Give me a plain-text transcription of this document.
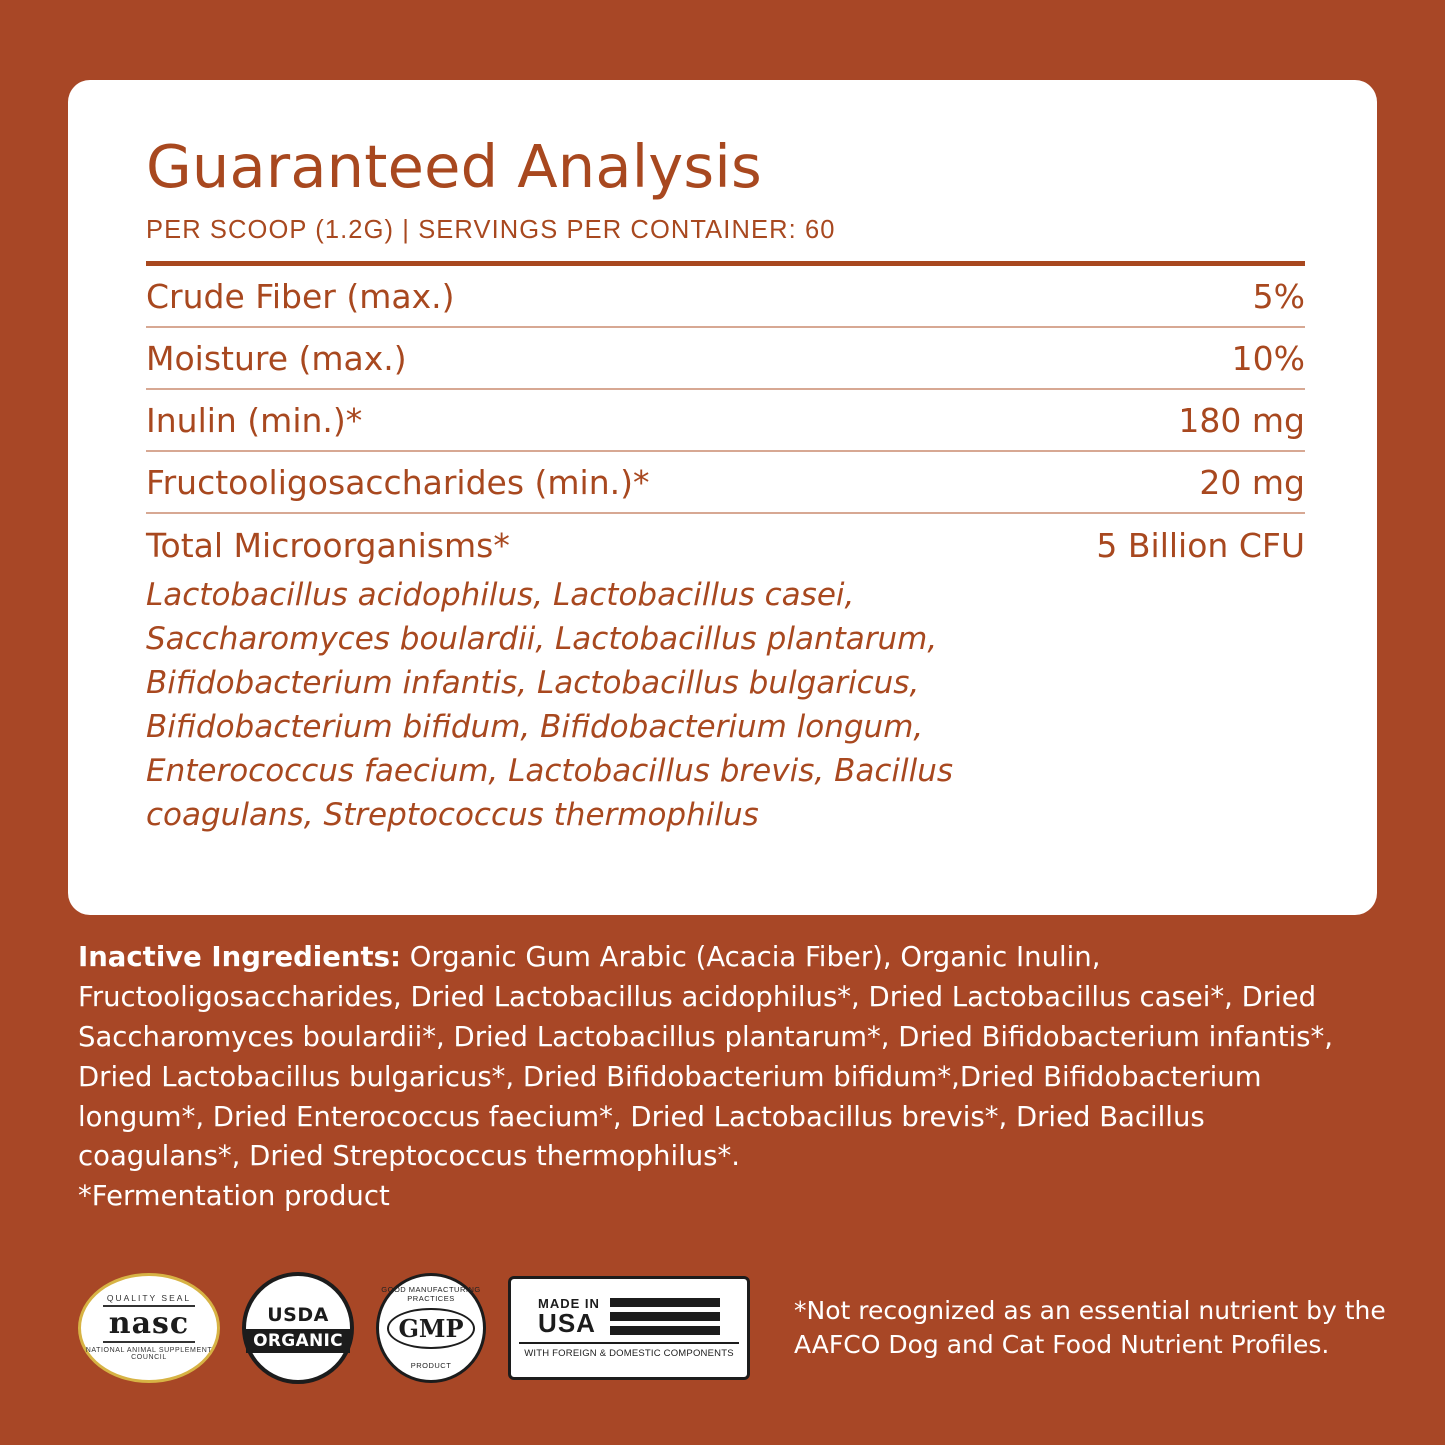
Guaranteed Analysis
PER SCOOP (1.2G) | SERVINGS PER CONTAINER: 60
Crude Fiber (max.)	5%
Moisture (max.)	10%
Inulin (min.)*	180 mg
Fructooligosaccharides (min.)*	20 mg
Total Microorganisms*	5 Billion CFU
Lactobacillus acidophilus, Lactobacillus casei, Saccharomyces boulardii, Lactobacillus plantarum, Bifidobacterium infantis, Lactobacillus bulgaricus, Bifidobacterium bifidum, Bifidobacterium longum, Enterococcus faecium, Lactobacillus brevis, Bacillus coagulans, Streptococcus thermophilus
Inactive Ingredients: Organic Gum Arabic (Acacia Fiber), Organic Inulin, Fructooligosaccharides, Dried Lactobacillus acidophilus*, Dried Lactobacillus casei*, Dried Saccharomyces boulardii*, Dried Lactobacillus plantarum*, Dried Bifidobacterium infantis*, Dried Lactobacillus bulgaricus*, Dried Bifidobacterium bifidum*,Dried Bifidobacterium longum*, Dried Enterococcus faecium*, Dried Lactobacillus brevis*, Dried Bacillus coagulans*, Dried Streptococcus thermophilus*.
*Fermentation product
QUALITY SEAL
nasc
NATIONAL ANIMAL SUPPLEMENT COUNCIL
USDA
ORGANIC
GOOD MANUFACTURING PRACTICES
GMP
PRODUCT
MADE IN
USA
WITH FOREIGN & DOMESTIC COMPONENTS
*Not recognized as an essential nutrient by the AAFCO Dog and Cat Food Nutrient Profiles.
